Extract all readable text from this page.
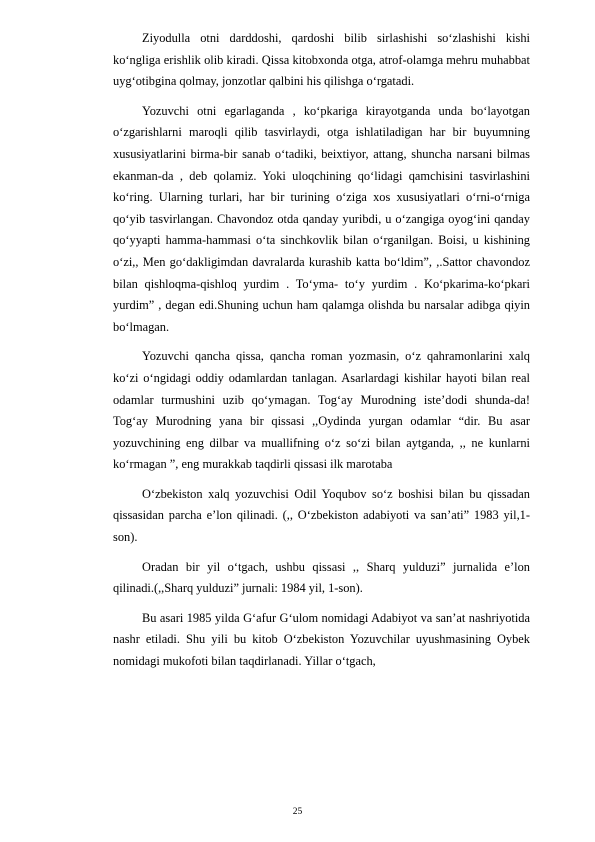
Ziyodulla otni darddoshi, qardoshi bilib sirlashishi so‘zlashishi kishi ko‘ngliga erishlik olib kiradi. Qissa kitobxonda otga, atrof-olamga mehru muhabbat uyg‘otibgina qolmay, jonzotlar qalbini his qilishga o‘rgatadi.

Yozuvchi otni egarlaganda , ko‘pkariga kirayotganda unda bo‘layotgan o‘zgarishlarni maroqli qilib tasvirlaydi, otga ishlatiladigan har bir buyumning xususiyatlarini birma-bir sanab o‘tadiki, beixtiyor, attang, shuncha narsani bilmas ekanman-da , deb qolamiz. Yoki uloqchining qo‘lidagi qamchisini tasvirlashini ko‘ring. Ularning turlari, har bir turining o‘ziga xos xususiyatlari o‘rni-o‘rniga qo‘yib tasvirlangan. Chavondoz otda qanday yuribdi, u o‘zangiga oyog‘ini qanday qo‘yyapti hamma-hammasi o‘ta sinchkovlik bilan o‘rganilgan. Boisi, u kishining o‘zi,, Men go‘dakligimdan davralarda kurashib katta bo‘ldim”, ,.Sattor chavondoz bilan qishloqma-qishloq yurdim . To‘yma- to‘y yurdim . Ko‘pkarima-ko‘pkari yurdim” , degan edi.Shuning uchun ham qalamga olishda bu narsalar adibga qiyin bo‘lmagan.

Yozuvchi qancha qissa, qancha roman yozmasin, o‘z qahramonlarini xalq ko‘zi o‘ngidagi oddiy odamlardan tanlagan. Asarlardagi kishilar hayoti bilan real odamlar turmushini uzib qo‘ymagan. Tog‘ay Murodning iste’dodi shunda-da! Tog‘ay Murodning yana bir qissasi ,,Oydinda yurgan odamlar “dir. Bu asar yozuvchining eng dilbar va muallifning o‘z so‘zi bilan aytganda, ,, ne kunlarni ko‘rmagan ”, eng murakkab taqdirli qissasi ilk marotaba

O‘zbekiston xalq yozuvchisi Odil Yoqubov so‘z boshisi bilan bu qissadan qissasidan parcha e’lon qilinadi. (,, O‘zbekiston adabiyoti va san’ati” 1983 yil,1-son).

Oradan bir yil o‘tgach, ushbu qissasi ,, Sharq yulduzi” jurnalida e’lon qilinadi.(,,Sharq yulduzi” jurnali: 1984 yil, 1-son).

Bu asari 1985 yilda G‘afur G‘ulom nomidagi Adabiyot va san’at nashriyotida nashr etiladi. Shu yili bu kitob O‘zbekiston Yozuvchilar uyushmasining Oybek nomidagi mukofoti bilan taqdirlanadi. Yillar o‘tgach,

25
